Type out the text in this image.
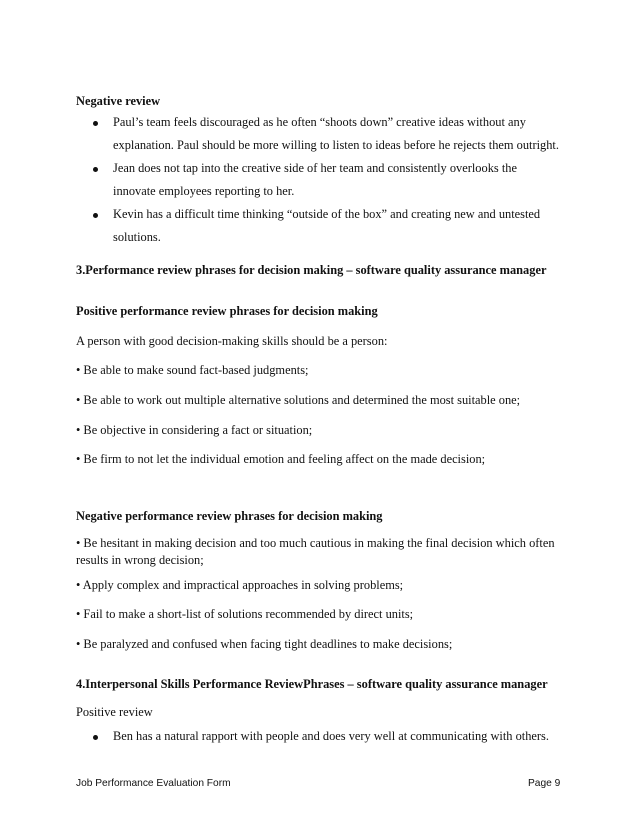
Negative review
Paul’s team feels discouraged as he often “shoots down” creative ideas without any
explanation. Paul should be more willing to listen to ideas before he rejects them outright.
Jean does not tap into the creative side of her team and consistently overlooks the
innovate employees reporting to her.
Kevin has a difficult time thinking “outside of the box” and creating new and untested
solutions.
3.Performance review phrases for decision making – software quality assurance manager
Positive performance review phrases for decision making
A person with good decision-making skills should be a person:
• Be able to make sound fact-based judgments;
• Be able to work out multiple alternative solutions and determined the most suitable one;
• Be objective in considering a fact or situation;
• Be firm to not let the individual emotion and feeling affect on the made decision;
Negative performance review phrases for decision making
• Be hesitant in making decision and too much cautious in making the final decision which often
results in wrong decision;
• Apply complex and impractical approaches in solving problems;
• Fail to make a short-list of solutions recommended by direct units;
• Be paralyzed and confused when facing tight deadlines to make decisions;
4.Interpersonal Skills Performance ReviewPhrases – software quality assurance manager
Positive review
Ben has a natural rapport with people and does very well at communicating with others.
Job Performance Evaluation Form	Page 9
